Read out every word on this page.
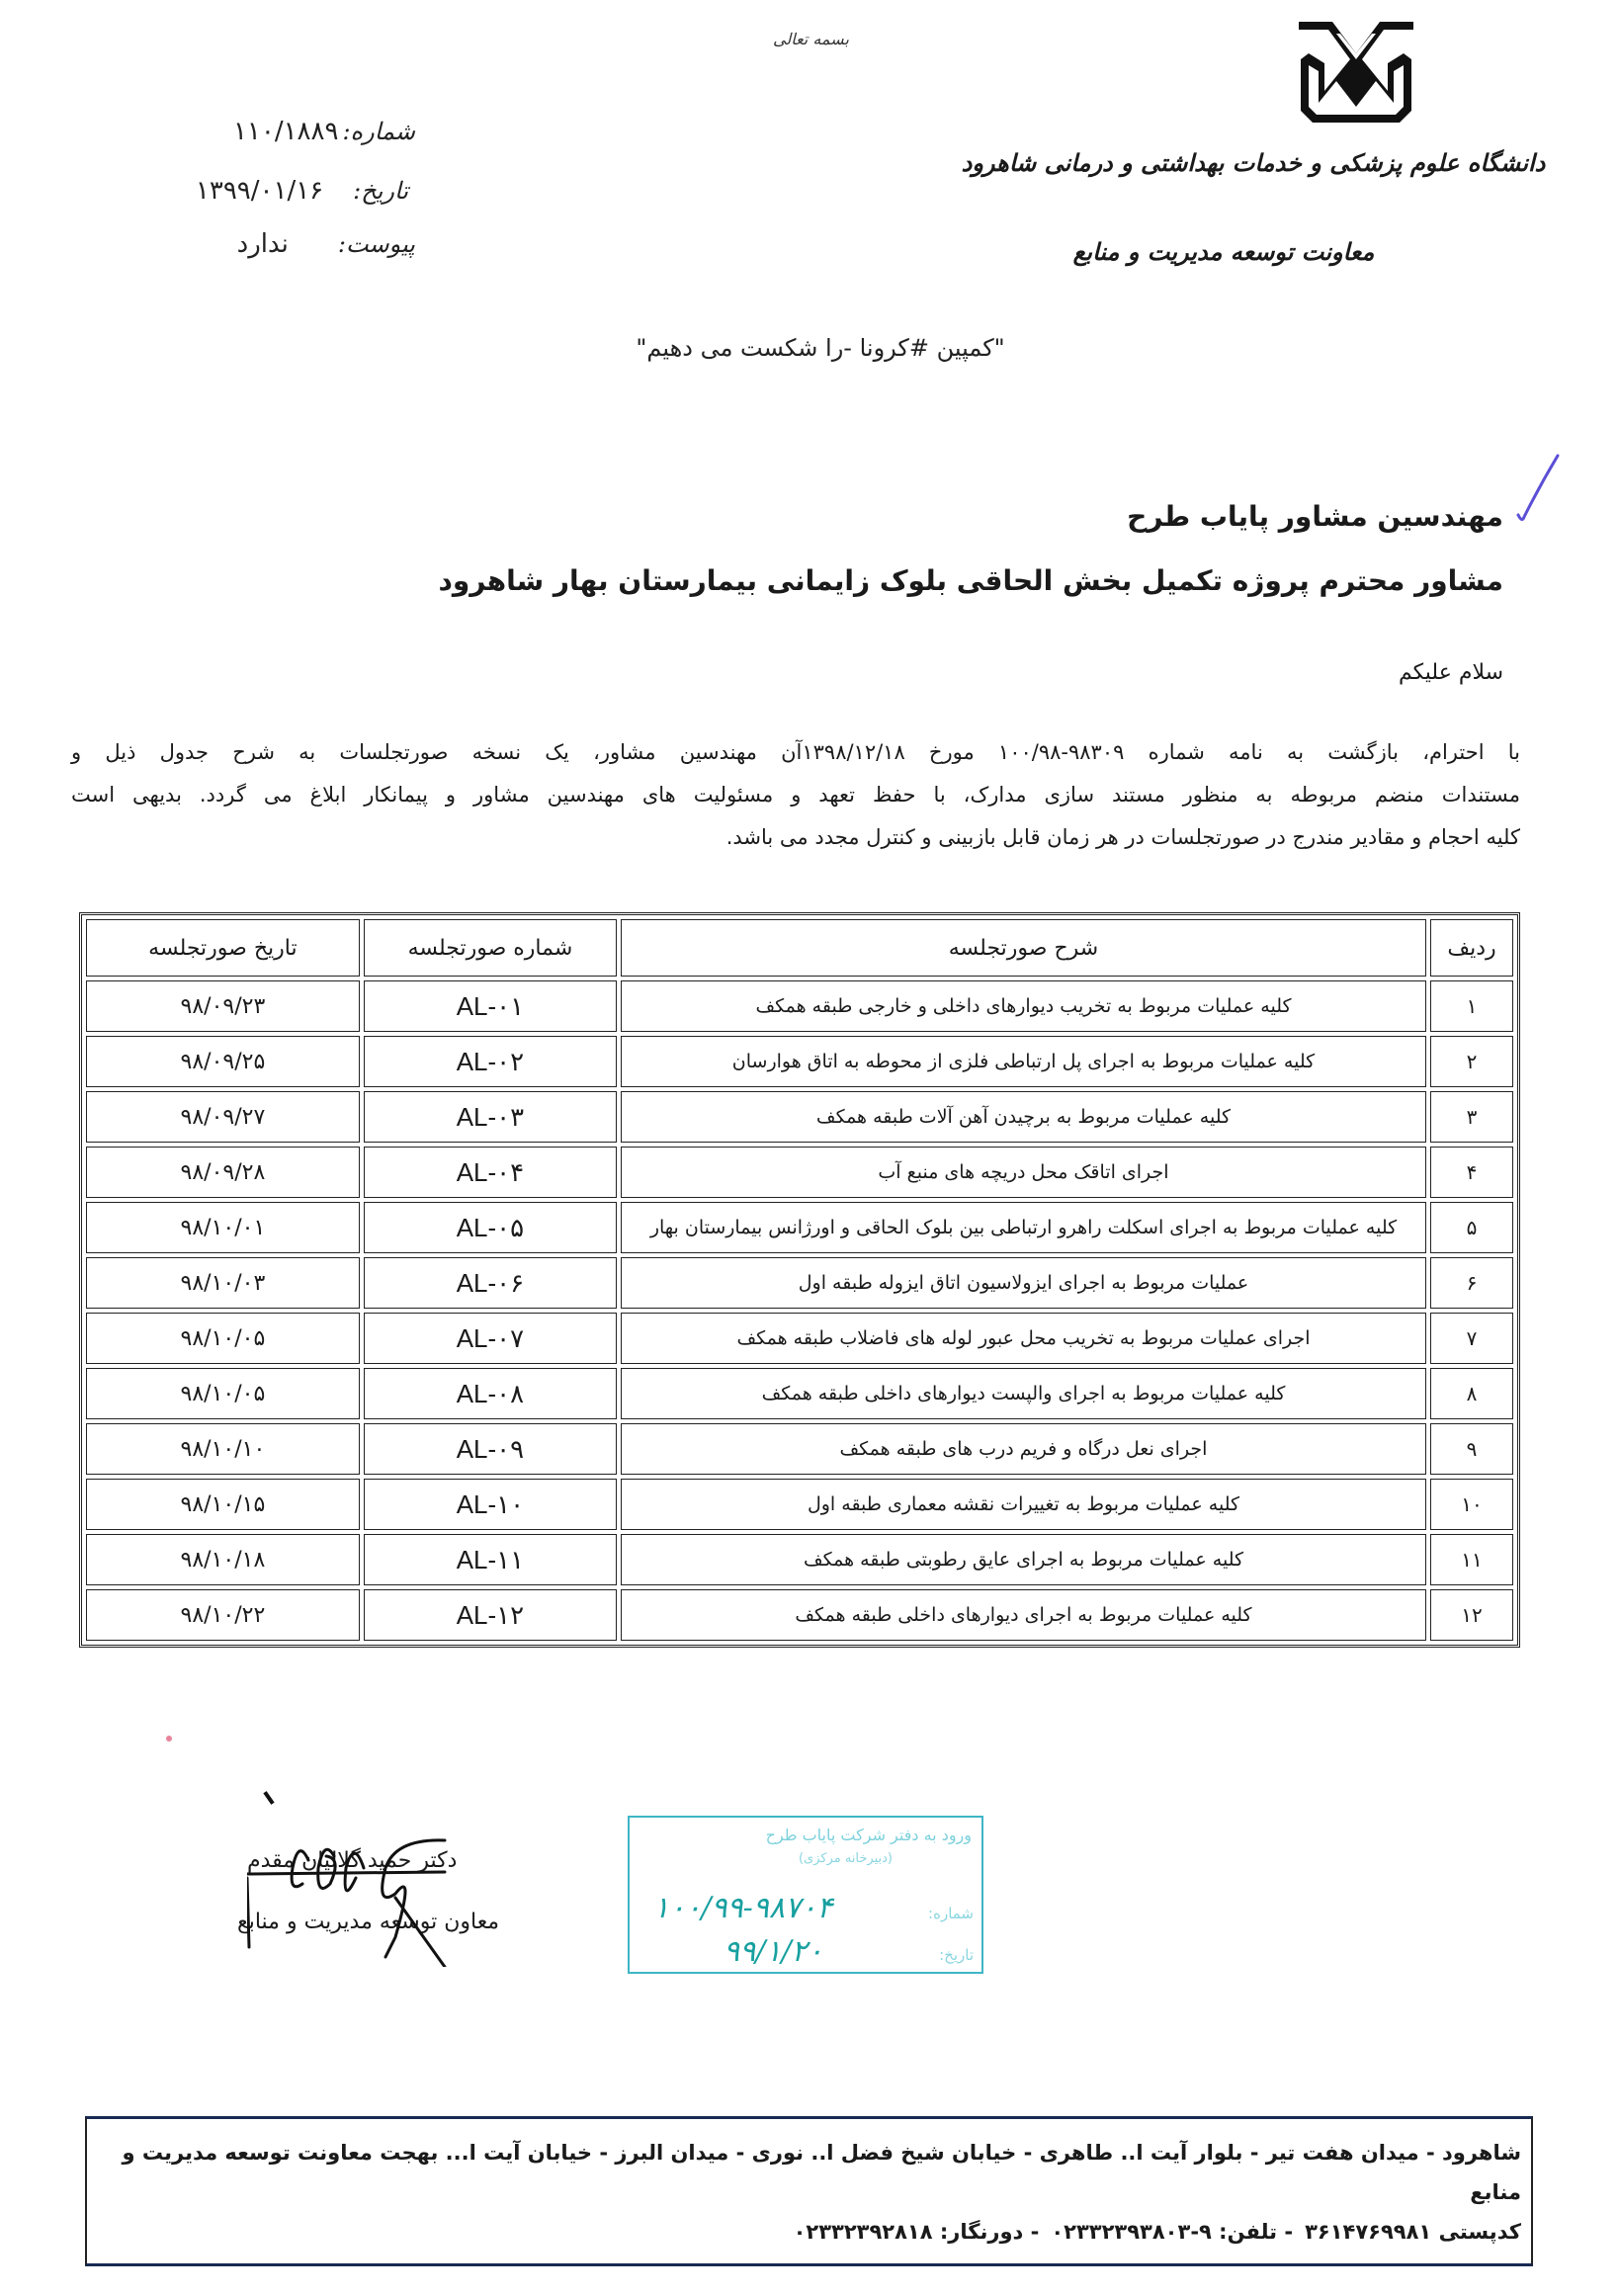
دانشگاه علوم پزشکی و خدمات بهداشتی و درمانی شاهرود
معاونت توسعه مدیریت و منابع
بسمه تعالی
شماره:
۱۱۰/۱۸۸۹
تاریخ:
۱۳۹۹/۰۱/۱۶
پیوست:
ندارد
"کمپین #کرونا -را شکست می دهیم"
مهندسین مشاور پایاب طرح
مشاور محترم پروژه تکمیل بخش الحاقی بلوک زایمانی بیمارستان بهار شاهرود
سلام علیکم
با احترام، بازگشت به نامه شماره ۹۸۳۰۹-۱۰۰/۹۸ مورخ ۱۳۹۸/۱۲/۱۸آن مهندسین مشاور، یک نسخه صورتجلسات به شرح جدول ذیل و
مستندات منضم مربوطه به منظور مستند سازی مدارک، با حفظ تعهد و مسئولیت های مهندسین مشاور و پیمانکار ابلاغ می گردد. بدیهی است
کلیه احجام و مقادیر مندرج در صورتجلسات در هر زمان قابل بازبینی و کنترل مجدد می باشد.
ردیف	شرح صورتجلسه	شماره صورتجلسه	تاریخ صورتجلسه
۱	کلیه عملیات مربوط به تخریب دیوارهای داخلی و خارجی طبقه همکف	AL-۰۱	۹۸/۰۹/۲۳
۲	کلیه عملیات مربوط به اجرای پل ارتباطی فلزی از محوطه به اتاق هوارسان	AL-۰۲	۹۸/۰۹/۲۵
۳	کلیه عملیات مربوط به برچیدن آهن آلات طبقه همکف	AL-۰۳	۹۸/۰۹/۲۷
۴	اجرای اتاقک محل دریچه های منبع آب	AL-۰۴	۹۸/۰۹/۲۸
۵	کلیه عملیات مربوط به اجرای اسکلت راهرو ارتباطی بین بلوک الحاقی و اورژانس بیمارستان بهار	AL-۰۵	۹۸/۱۰/۰۱
۶	عملیات مربوط به اجرای ایزولاسیون اتاق ایزوله طبقه اول	AL-۰۶	۹۸/۱۰/۰۳
۷	اجرای عملیات مربوط به تخریب محل عبور لوله های فاضلاب طبقه همکف	AL-۰۷	۹۸/۱۰/۰۵
۸	کلیه عملیات مربوط به اجرای والپست دیوارهای داخلی طبقه همکف	AL-۰۸	۹۸/۱۰/۰۵
۹	اجرای نعل درگاه و فریم درب های طبقه همکف	AL-۰۹	۹۸/۱۰/۱۰
۱۰	کلیه عملیات مربوط به تغییرات نقشه معماری طبقه اول	AL-۱۰	۹۸/۱۰/۱۵
۱۱	کلیه عملیات مربوط به اجرای عایق رطوبتی طبقه همکف	AL-۱۱	۹۸/۱۰/۱۸
۱۲	کلیه عملیات مربوط به اجرای دیوارهای داخلی طبقه همکف	AL-۱۲	۹۸/۱۰/۲۲
دکتر حمید گلالیان مقدم
معاون توسعه مدیریت و منابع
ورود به دفتر شرکت پایاب طرح
(دبیرخانه مرکزی)
شماره:
تاریخ:
۱۰۰/۹۹-۹۸۷۰۴
۹۹/۱/۲۰
شاهرود - میدان هفت تیر - بلوار آیت ا.. طاهری - خیابان شیخ فضل ا.. نوری - میدان البرز - خیابان آیت ا... بهجت معاونت توسعه مدیریت و منابع
کدپستی ۳۶۱۴۷۶۹۹۸۱- تلفن: ۹-۰۲۳۳۲۳۹۳۸۰۳- دورنگار: ۰۲۳۳۲۳۹۲۸۱۸
